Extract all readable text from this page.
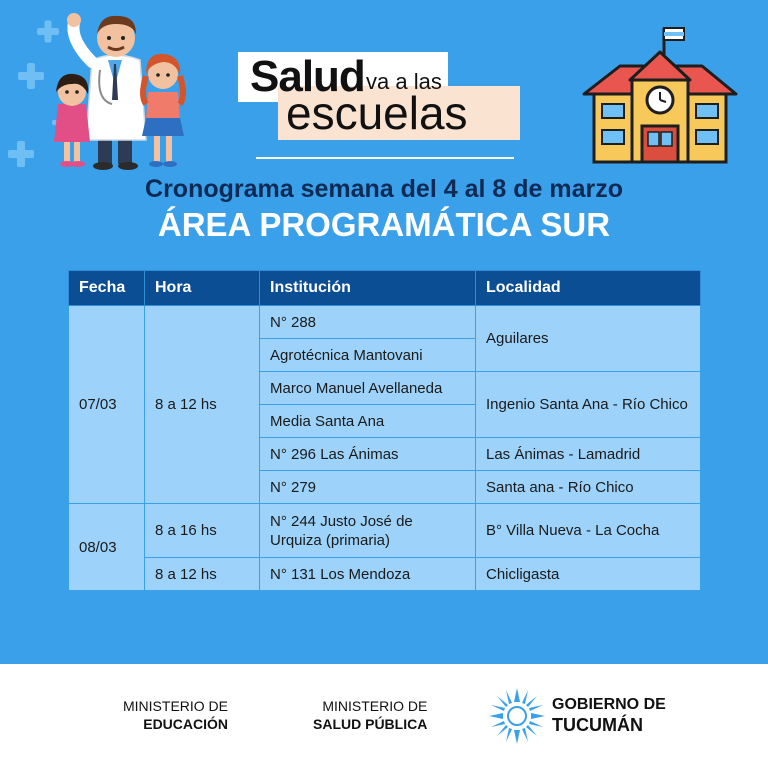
Salud va a las
escuelas
Cronograma semana del 4 al 8 de marzo
ÁREA PROGRAMÁTICA SUR
Fecha	Hora	Institución	Localidad
07/03	8 a 12 hs	N° 288	Aguilares
		Agrotécnica Mantovani	
		Marco Manuel Avellaneda	Ingenio Santa Ana - Río Chico
		Media Santa Ana	
		N° 296 Las Ánimas	Las Ánimas - Lamadrid
		N° 279	Santa ana - Río Chico
08/03	8 a 16 hs	N° 244 Justo José de Urquiza (primaria)	B° Villa Nueva - La Cocha
	8 a 12 hs	N° 131 Los Mendoza	Chicligasta
MINISTERIO DE
EDUCACIÓN
MINISTERIO DE
SALUD PÚBLICA
GOBIERNO DE
TUCUMÁN
